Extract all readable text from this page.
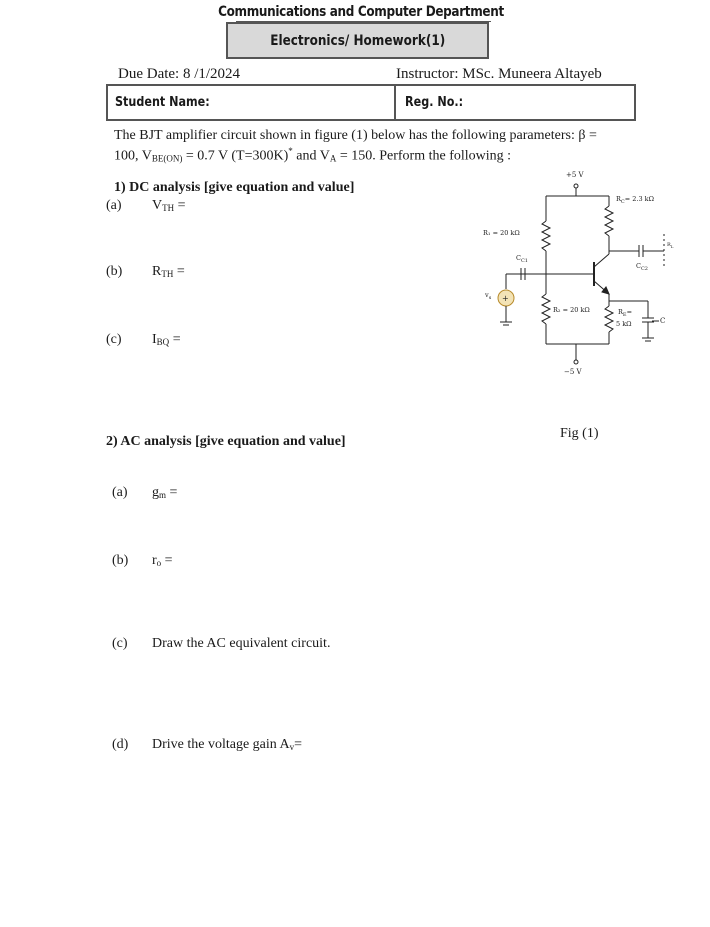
Communications and Computer Department
Electronics/ Homework(1)
Due Date: 8 /1/2024	Instructor: MSc. Muneera Altayeb
Student Name:	Reg. No.:
The BJT amplifier circuit shown in figure (1) below has the following parameters: β =
100, $V_{BE(ON)} = 0.7$ V (T=300K)* and $V_A = 150$. Perform the following :
1) DC analysis [give equation and value]
(a) $V_{TH}$ =
(b) $R_{TH}$ =
(c) $I_{BQ}$ =
2) AC analysis [give equation and value]
(a) $g_m$ =
(b) $r_o$ =
(c) Draw the AC equivalent circuit.
(d) Drive the voltage gain $A_v=$
+5 V
R₁ = 20 kΩ
$R_C= 2.3$ kΩ
$C_{C1}$
+
$v_s$
$C_{C2}$
$R_L$
R₂ = 20 kΩ	$R_E=$
5 kΩ	C
−5 V
Fig (1)
